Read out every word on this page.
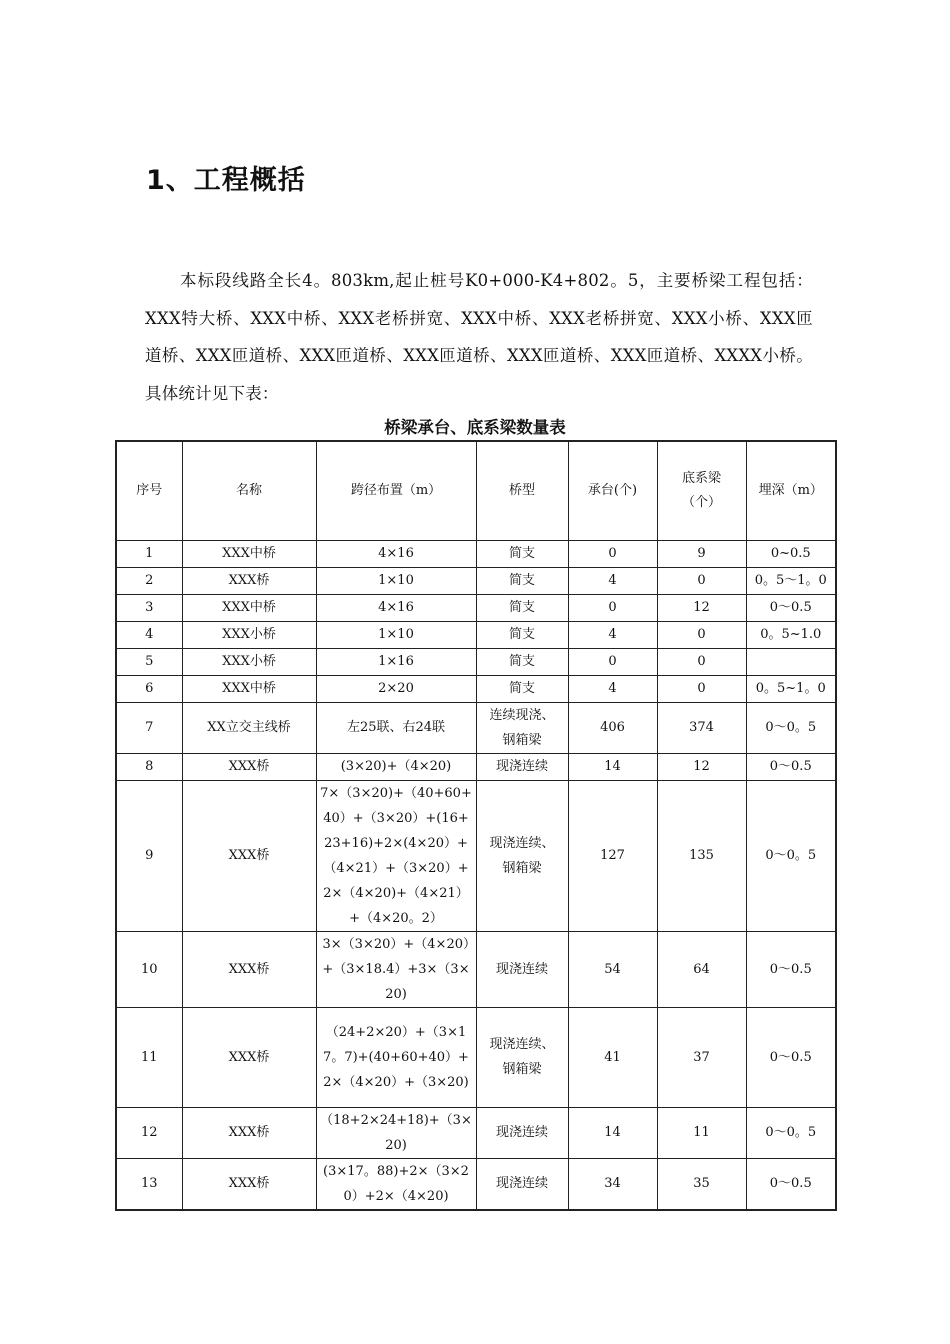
1、工程概括

本标段线路全长4。803km,起止桩号K0+000-K4+802。5，主要桥梁工程包括：XXX特大桥、XXX中桥、XXX老桥拼宽、XXX中桥、XXX老桥拼宽、XXX小桥、XXX匝道桥、XXX匝道桥、XXX匝道桥、XXX匝道桥、XXX匝道桥、XXX匝道桥、XXXX小桥。具体统计见下表：

桥梁承台、底系梁数量表
序号	名称	跨径布置（m）	桥型	承台(个)	底系梁（个）	埋深（m）
1	XXX中桥	4×16	简支	0	9	0~0.5
2	XXX桥	1×10	简支	4	0	0。5～1。0
3	XXX中桥	4×16	简支	0	12	0～0.5
4	XXX小桥	1×10	简支	4	0	0。5~1.0
5	XXX小桥	1×16	简支	0	0	
6	XXX中桥	2×20	简支	4	0	0。5~1。0
7	XX立交主线桥	左25联、右24联	连续现浇、钢箱梁	406	374	0～0。5
8	XXX桥	(3×20)+（4×20)	现浇连续	14	12	0～0.5
9	XXX桥	7×（3×20)+（40+60+40）+（3×20）+(16+23+16)+2×(4×20）+（4×21）+（3×20）+2×（4×20)+（4×21）+（4×20。2）	现浇连续、钢箱梁	127	135	0～0。5
10	XXX桥	3×（3×20）+（4×20）+（3×18.4）+3×（3×20)	现浇连续	54	64	0～0.5
11	XXX桥	（24+2×20）+（3×17。7)+(40+60+40）+2×（4×20）+（3×20)	现浇连续、钢箱梁	41	37	0～0.5
12	XXX桥	（18+2×24+18)+（3×20)	现浇连续	14	11	0～0。5
13	XXX桥	(3×17。88)+2×（3×20）+2×（4×20)	现浇连续	34	35	0～0.5
